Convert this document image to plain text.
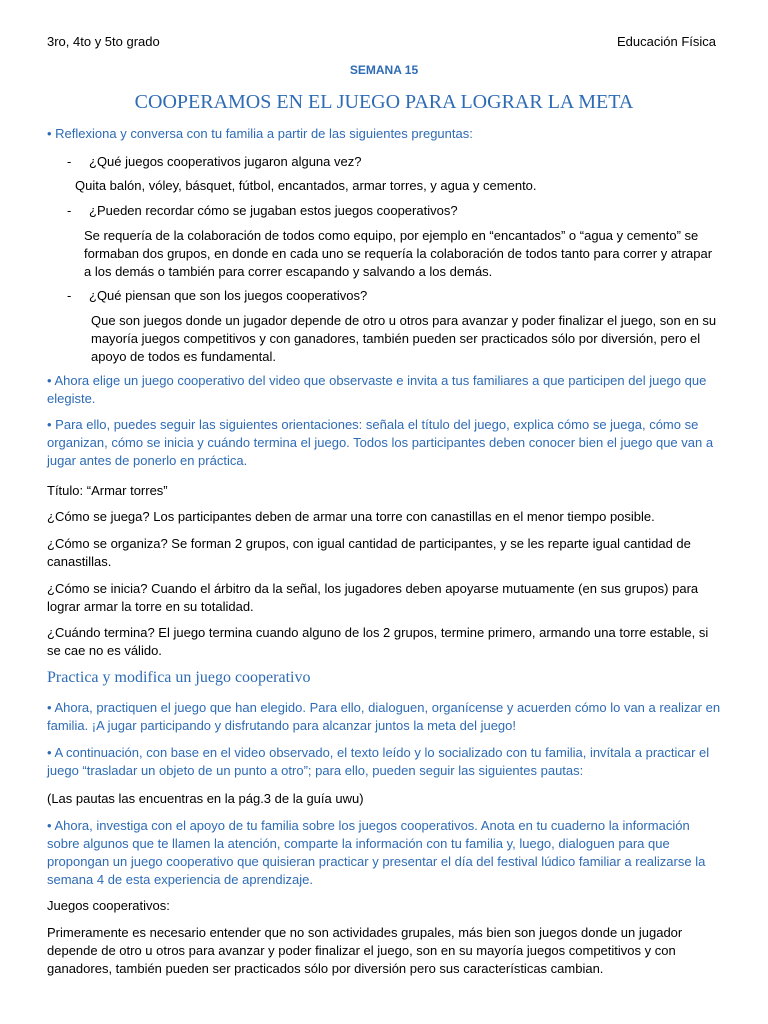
3ro, 4to y 5to grado	Educación Física
SEMANA 15
COOPERAMOS EN EL JUEGO PARA LOGRAR LA META
• Reflexiona y conversa con tu familia a partir de las siguientes preguntas:
- ¿Qué juegos cooperativos jugaron alguna vez?
Quita balón, vóley, básquet, fútbol, encantados, armar torres, y agua y cemento.
- ¿Pueden recordar cómo se jugaban estos juegos cooperativos?
Se requería de la colaboración de todos como equipo, por ejemplo en “encantados” o “agua y cemento” se formaban dos grupos, en donde en cada uno se requería la colaboración de todos tanto para correr y atrapar a los demás o también para correr escapando y salvando a los demás.
- ¿Qué piensan que son los juegos cooperativos?
Que son juegos donde un jugador depende de otro u otros para avanzar y poder finalizar el juego, son en su mayoría juegos competitivos y con ganadores, también pueden ser practicados sólo por diversión, pero el apoyo de todos es fundamental.
• Ahora elige un juego cooperativo del video que observaste e invita a tus familiares a que participen del juego que elegiste.
• Para ello, puedes seguir las siguientes orientaciones: señala el título del juego, explica cómo se juega, cómo se organizan, cómo se inicia y cuándo termina el juego. Todos los participantes deben conocer bien el juego que van a jugar antes de ponerlo en práctica.
Título: “Armar torres”
¿Cómo se juega? Los participantes deben de armar una torre con canastillas en el menor tiempo posible.
¿Cómo se organiza? Se forman 2 grupos, con igual cantidad de participantes, y se les reparte igual cantidad de canastillas.
¿Cómo se inicia? Cuando el árbitro da la señal, los jugadores deben apoyarse mutuamente (en sus grupos) para lograr armar la torre en su totalidad.
¿Cuándo termina? El juego termina cuando alguno de los 2 grupos, termine primero, armando una torre estable, si se cae no es válido.
Practica y modifica un juego cooperativo
• Ahora, practiquen el juego que han elegido. Para ello, dialoguen, organícense y acuerden cómo lo van a realizar en familia. ¡A jugar participando y disfrutando para alcanzar juntos la meta del juego!
• A continuación, con base en el video observado, el texto leído y lo socializado con tu familia, invítala a practicar el juego “trasladar un objeto de un punto a otro”; para ello, pueden seguir las siguientes pautas:
(Las pautas las encuentras en la pág.3 de la guía uwu)
• Ahora, investiga con el apoyo de tu familia sobre los juegos cooperativos. Anota en tu cuaderno la información sobre algunos que te llamen la atención, comparte la información con tu familia y, luego, dialoguen para que propongan un juego cooperativo que quisieran practicar y presentar el día del festival lúdico familiar a realizarse la semana 4 de esta experiencia de aprendizaje.
Juegos cooperativos:
Primeramente es necesario entender que no son actividades grupales, más bien son juegos donde un jugador depende de otro u otros para avanzar y poder finalizar el juego, son en su mayoría juegos competitivos y con ganadores, también pueden ser practicados sólo por diversión pero sus características cambian.
